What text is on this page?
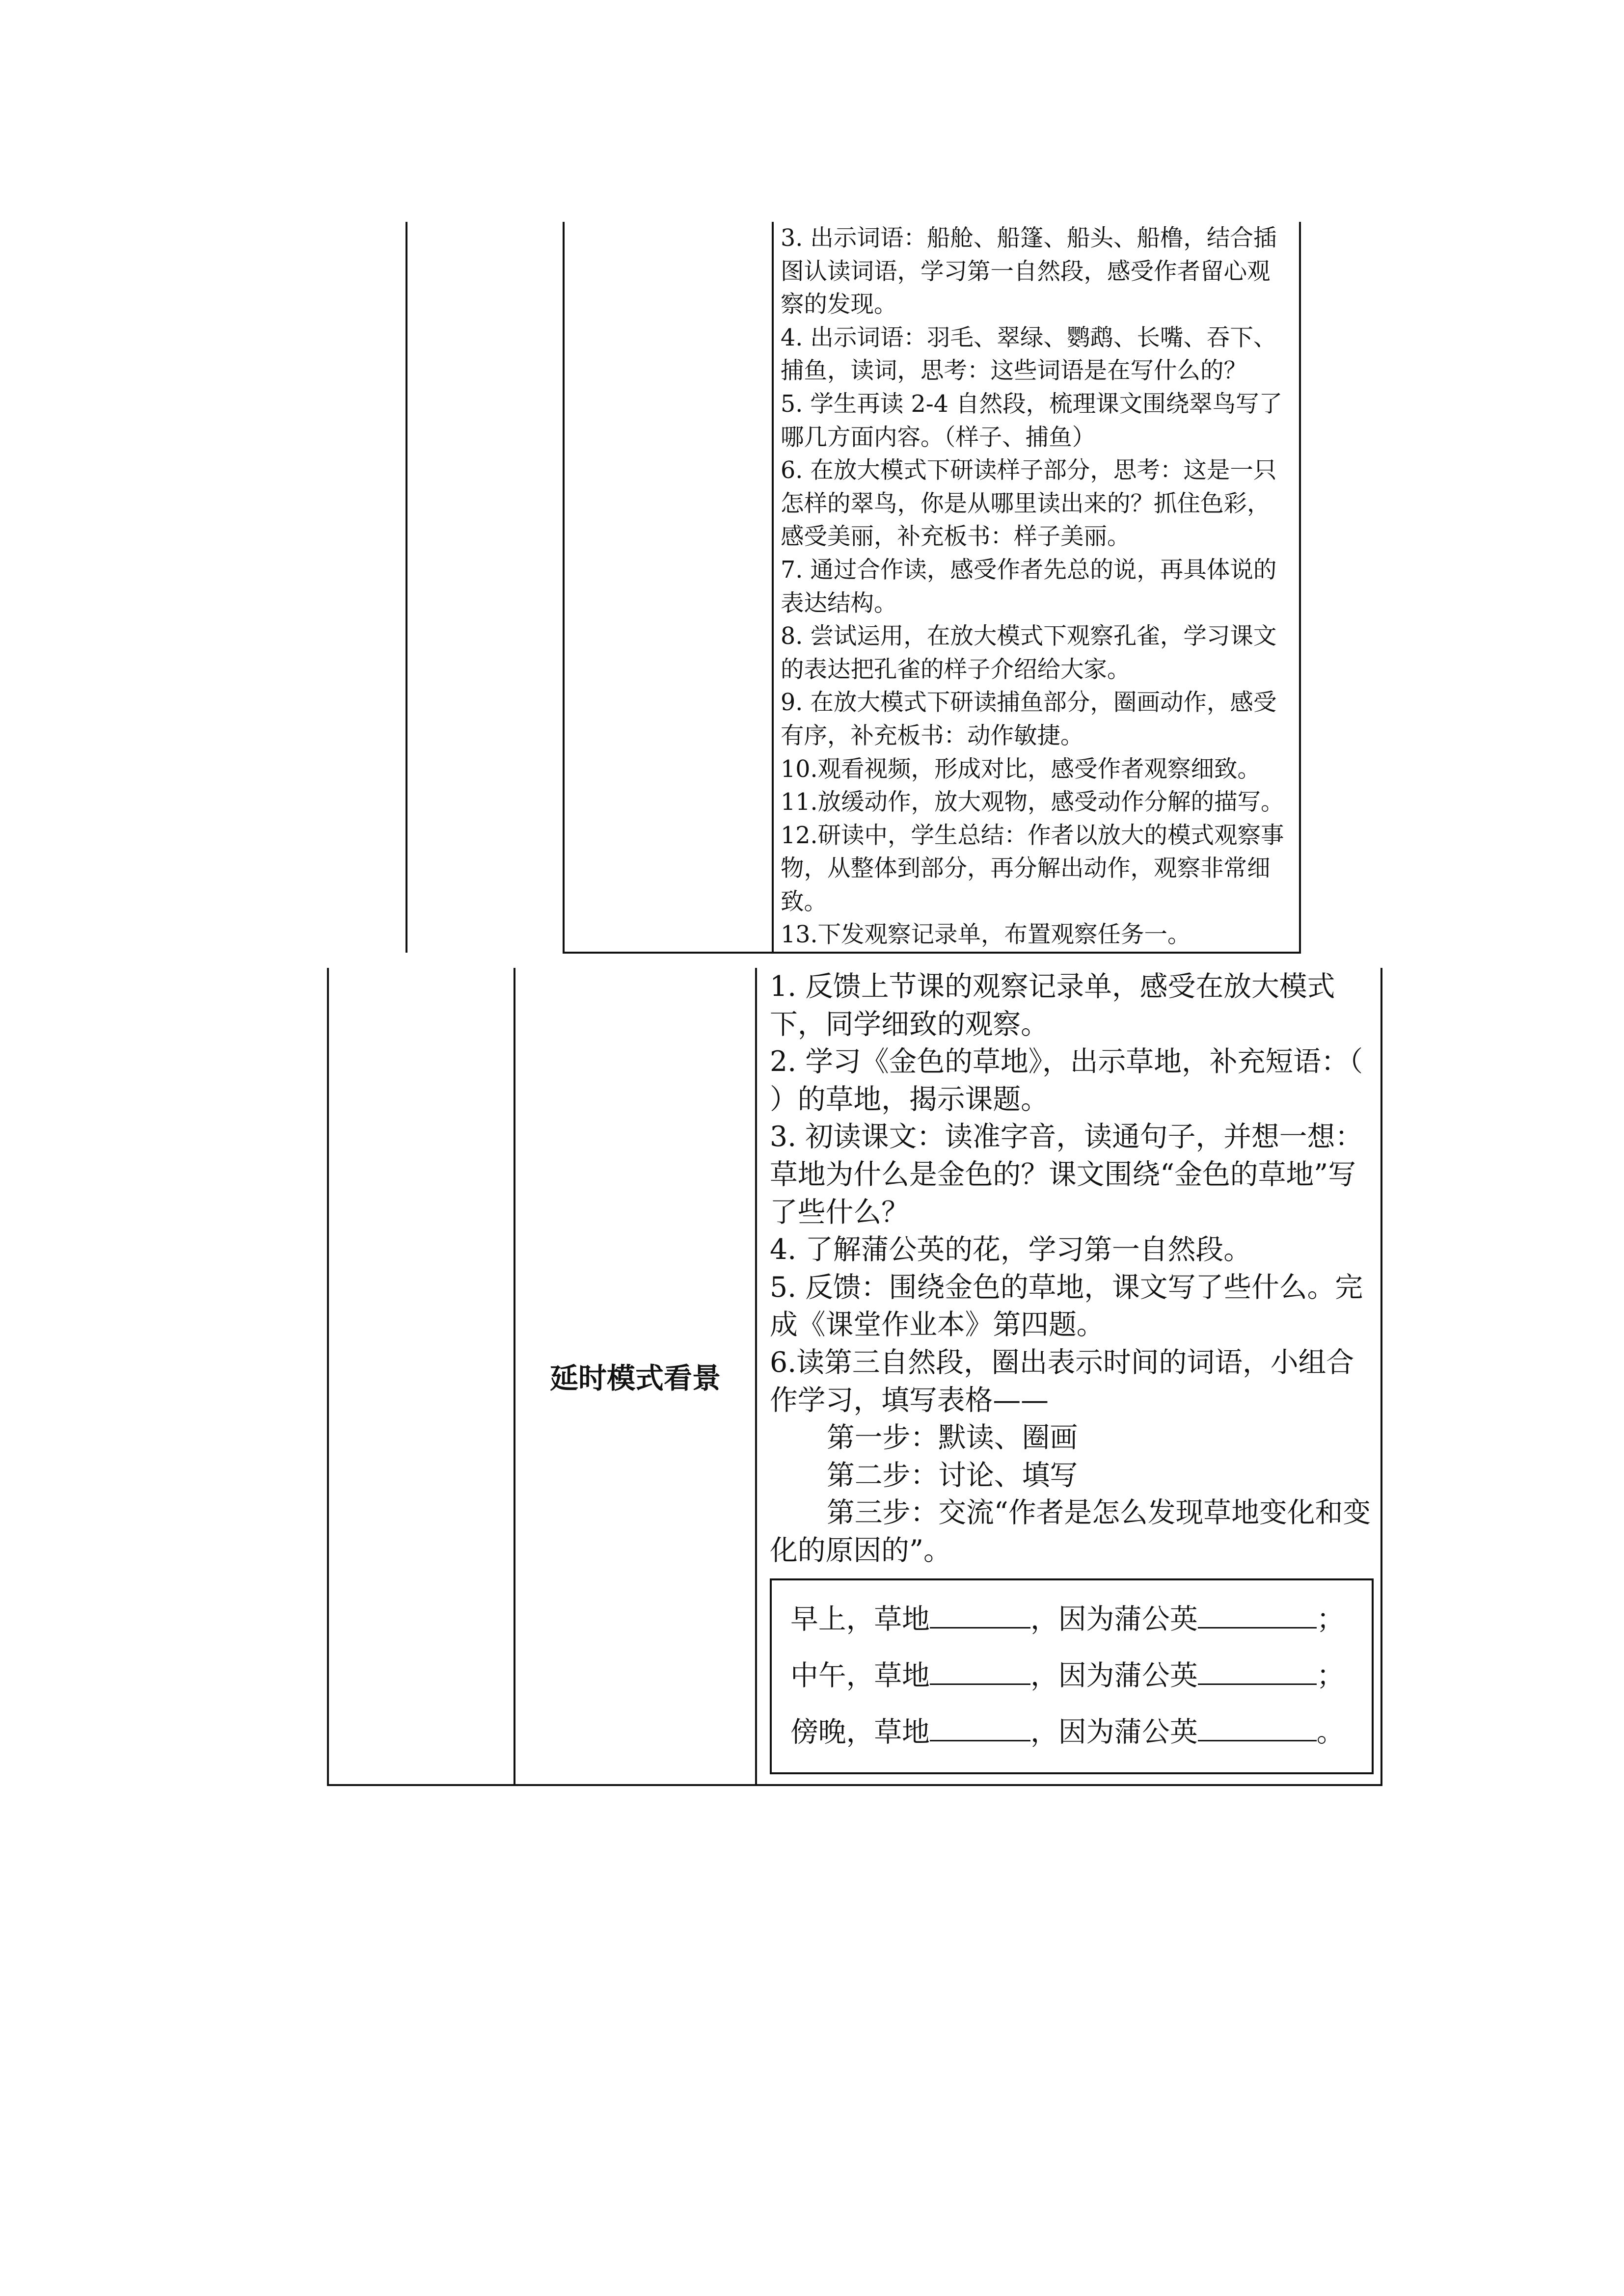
3. 出示词语：船舱、船篷、船头、船橹，结合插图认读词语，学习第一自然段，感受作者留心观察的发现。

4. 出示词语：羽毛、翠绿、鹦鹉、长嘴、吞下、捕鱼，读词，思考：这些词语是在写什么的？

5. 学生再读 2-4 自然段，梳理课文围绕翠鸟写了哪几方面内容。（样子、捕鱼）

6. 在放大模式下研读样子部分，思考：这是一只怎样的翠鸟，你是从哪里读出来的？抓住色彩，感受美丽，补充板书：样子美丽。

7. 通过合作读，感受作者先总的说，再具体说的表达结构。

8. 尝试运用，在放大模式下观察孔雀，学习课文的表达把孔雀的样子介绍给大家。

9. 在放大模式下研读捕鱼部分，圈画动作，感受有序，补充板书：动作敏捷。

10.观看视频，形成对比，感受作者观察细致。

11.放缓动作，放大观物，感受动作分解的描写。

12.研读中，学生总结：作者以放大的模式观察事物，从整体到部分，再分解出动作，观察非常细致。

13.下发观察记录单，布置观察任务一。

	延时模式看景	

1. 反馈上节课的观察记录单，感受在放大模式下，同学细致的观察。

2. 学习《金色的草地》，出示草地，补充短语：（　 ）的草地，揭示课题。

3. 初读课文：读准字音，读通句子，并想一想：草地为什么是金色的？课文围绕“金色的草地”写了些什么？

4. 了解蒲公英的花，学习第一自然段。

5. 反馈：围绕金色的草地，课文写了些什么。完成《课堂作业本》第四题。

6.读第三自然段，圈出表示时间的词语，小组合作学习，填写表格——

第一步：默读、圈画

第二步：讨论、填写

第三步：交流“作者是怎么发现草地变化和变化的原因的”。

早上，草地	，因为蒲公英	；
中午，草地	，因为蒲公英	；
傍晚，草地	，因为蒲公英	。
